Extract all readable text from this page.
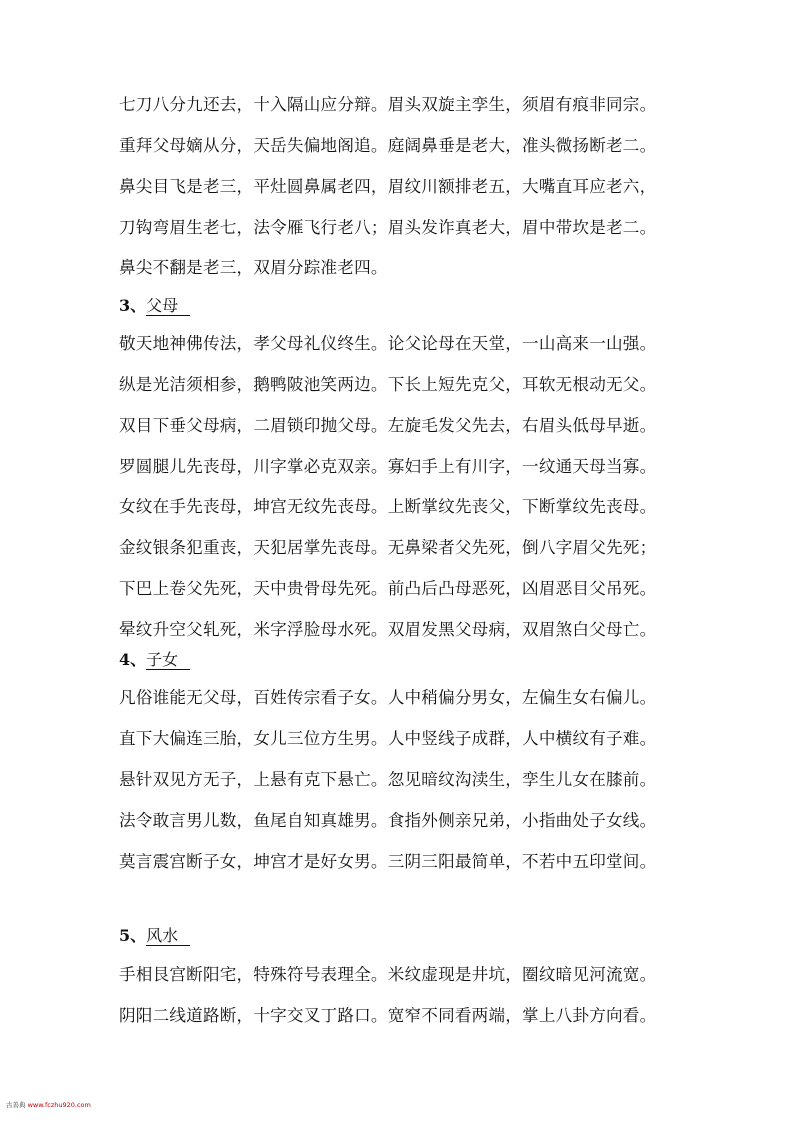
七刀八分九还去，十入隔山应分辩。眉头双旋主孪生，须眉有痕非同宗。
重拜父母嫡从分，天岳失偏地阁追。庭阔鼻垂是老大，准头微扬断老二。
鼻尖目飞是老三，平灶圆鼻属老四，眉纹川额排老五，大嘴直耳应老六，
刀钩弯眉生老七，法令雁飞行老八；眉头发诈真老大，眉中带坎是老二。
鼻尖不翻是老三，双眉分踪准老四。
3、父母
敬天地神佛传法，孝父母礼仪终生。论父论母在天堂，一山高来一山强。
纵是光洁须相参，鹅鸭陂池笑两边。下长上短先克父，耳软无根动无父。
双目下垂父母病，二眉锁印抛父母。左旋毛发父先去，右眉头低母早逝。
罗圆腿儿先丧母，川字掌必克双亲。寡妇手上有川字，一纹通天母当寡。
女纹在手先丧母，坤宫无纹先丧母。上断掌纹先丧父，下断掌纹先丧母。
金纹银条犯重丧，天犯居掌先丧母。无鼻梁者父先死，倒八字眉父先死；
下巴上卷父先死，天中贵骨母先死。前凸后凸母恶死，凶眉恶目父吊死。
晕纹升空父轧死，米字浮脸母水死。双眉发黑父母病，双眉煞白父母亡。
4、子女
凡俗谁能无父母，百姓传宗看子女。人中稍偏分男女，左偏生女右偏儿。
直下大偏连三胎，女儿三位方生男。人中竖线子成群，人中横纹有子难。
悬针双见方无子，上悬有克下悬亡。忽见暗纹沟渎生，孪生儿女在膝前。
法令敢言男儿数，鱼尾自知真雄男。食指外侧亲兄弟，小指曲处子女线。
莫言震宫断子女，坤宫才是好女男。三阴三阳最简单，不若中五印堂间。
5、风水
手相艮宫断阳宅，特殊符号表理全。米纹虚现是井坑，圈纹暗见河流宽。
阴阳二线道路断，十字交叉丁路口。宽窄不同看两端，掌上八卦方向看。
古善典 www.fczhu920.com
